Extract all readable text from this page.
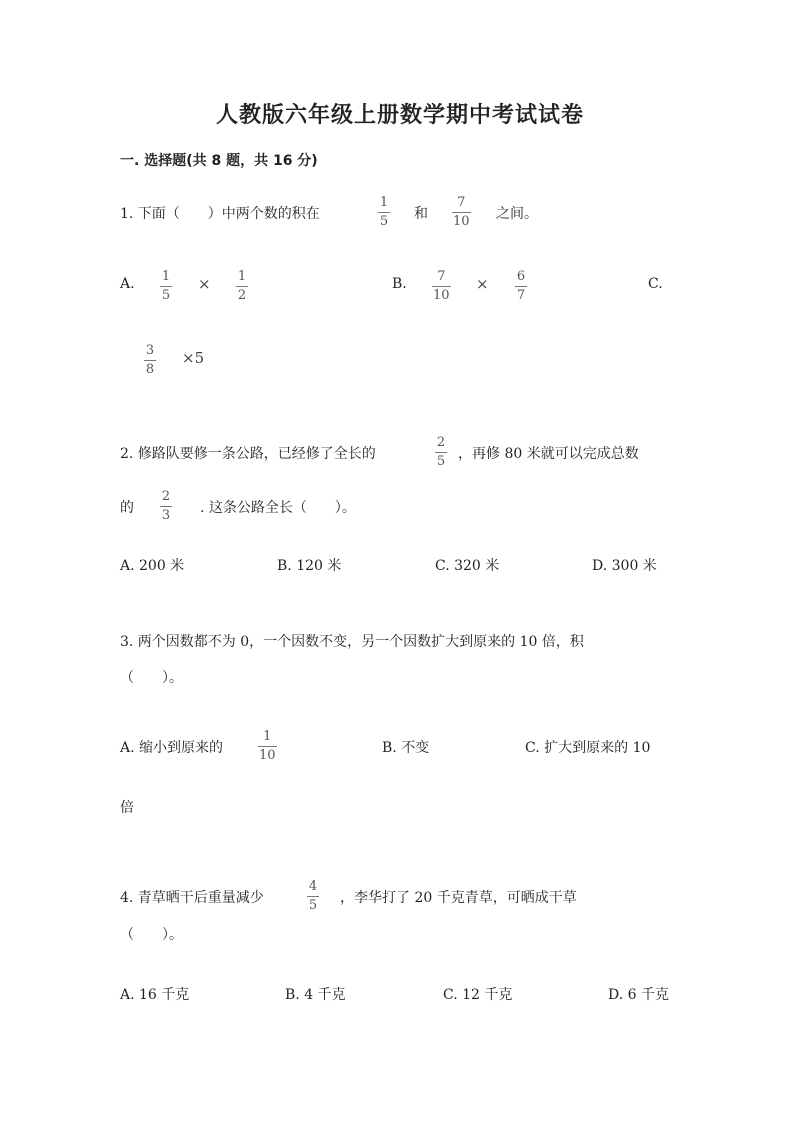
人教版六年级上册数学期中考试试卷
一. 选择题(共 8 题，共 16 分)
1. 下面（　　）中两个数的积在
1
5 和
7
10 之间。
A. 1
5
× 1
2
B. 7
10
× 6
7
C.
3
8
×5
2. 修路队要修一条公路，已经修了全长的
2
5 ，再修 80 米就可以完成总数
的
2
3 . 这条公路全长（　　）。
A. 200 米	B. 120 米	C. 320 米	D. 300 米
3. 两个因数都不为 0，一个因数不变，另一个因数扩大到原来的 10 倍，积
（　　）。
A. 缩小到原来的
1
10	B. 不变	C. 扩大到原来的 10
倍
4. 青草晒干后重量减少
4
5 ，李华打了 20 千克青草，可晒成干草
（　　）。
A. 16 千克	B. 4 千克	C. 12 千克	D. 6 千克
